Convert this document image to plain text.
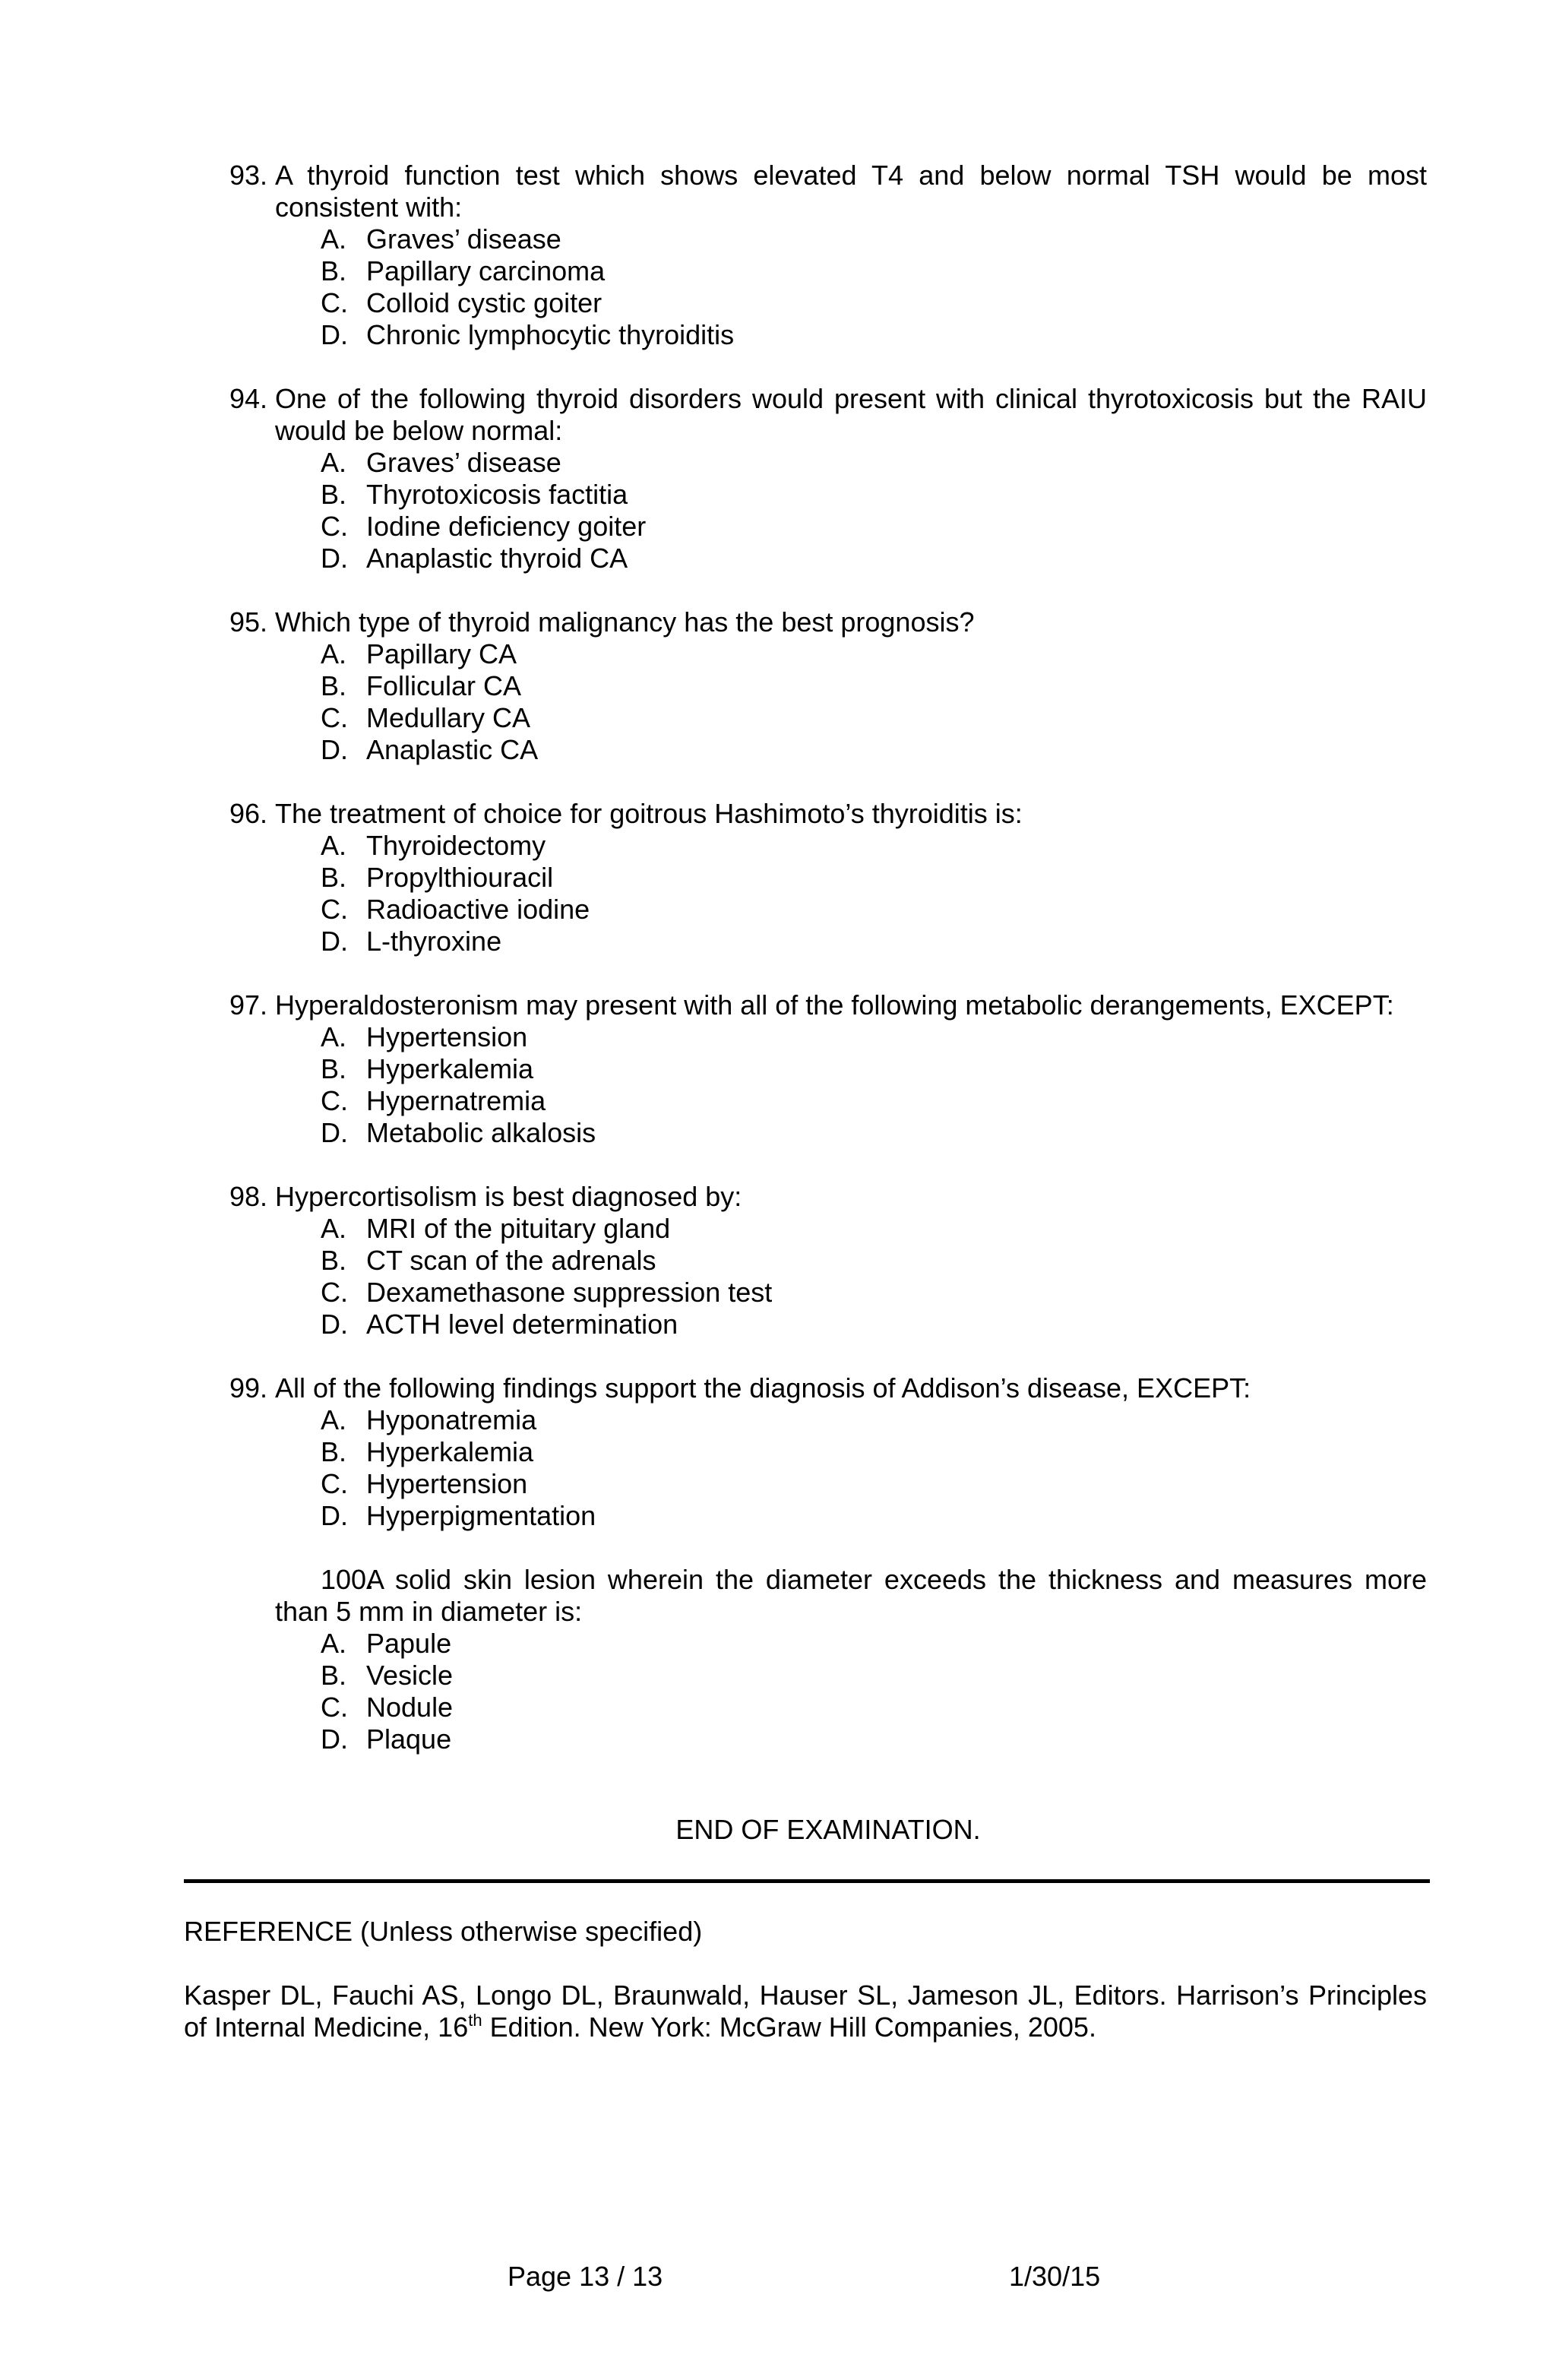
93. A thyroid function test which shows elevated T4 and below normal TSH would be most consistent with:
A. Graves’ disease
B. Papillary carcinoma
C. Colloid cystic goiter
D. Chronic lymphocytic thyroiditis
94. One of the following thyroid disorders would present with clinical thyrotoxicosis but the RAIU would be below normal:
A. Graves’ disease
B. Thyrotoxicosis factitia
C. Iodine deficiency goiter
D. Anaplastic thyroid CA
95. Which type of thyroid malignancy has the best prognosis?
A. Papillary CA
B. Follicular CA
C. Medullary CA
D. Anaplastic CA
96. The treatment of choice for goitrous Hashimoto’s thyroiditis is:
A. Thyroidectomy
B. Propylthiouracil
C. Radioactive iodine
D. L-thyroxine
97. Hyperaldosteronism may present with all of the following metabolic derangements, EXCEPT:
A. Hypertension
B. Hyperkalemia
C. Hypernatremia
D. Metabolic alkalosis
98. Hypercortisolism is best diagnosed by:
A. MRI of the pituitary gland
B. CT scan of the adrenals
C. Dexamethasone suppression test
D. ACTH level determination
99. All of the following findings support the diagnosis of Addison’s disease, EXCEPT:
A. Hyponatremia
B. Hyperkalemia
C. Hypertension
D. Hyperpigmentation
100.
A solid skin lesion wherein the diameter exceeds the thickness and measures more than 5 mm in diameter is:
A. Papule
B. Vesicle
C. Nodule
D. Plaque
END OF EXAMINATION.
REFERENCE (Unless otherwise specified)
Kasper DL, Fauchi AS, Longo DL, Braunwald, Hauser SL, Jameson JL, Editors. Harrison’s Principles of Internal Medicine, 16th Edition. New York: McGraw Hill Companies, 2005.
Page 13 / 13	1/30/15
